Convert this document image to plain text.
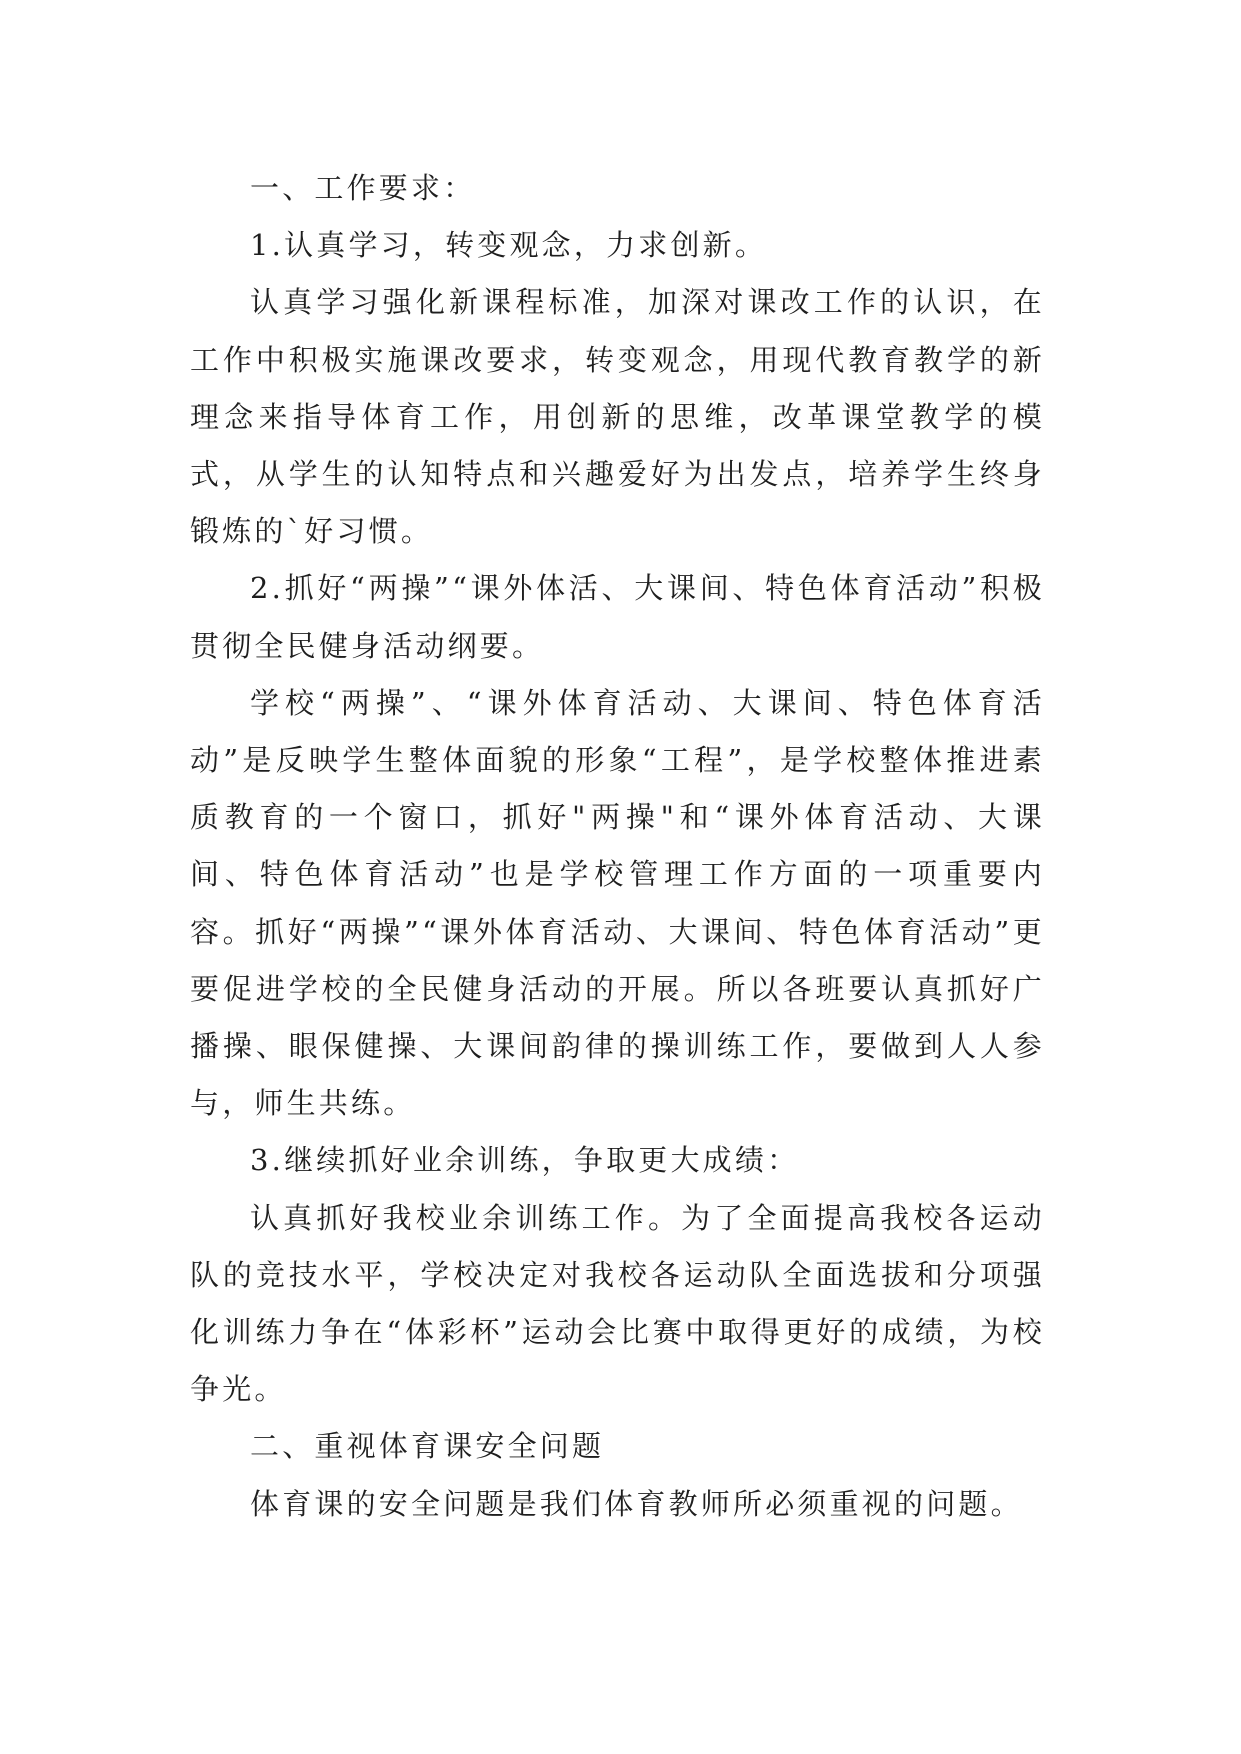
一、工作要求：

1.认真学习，转变观念，力求创新。

认真学习强化新课程标准，加深对课改工作的认识，在工作中积极实施课改要求，转变观念，用现代教育教学的新理念来指导体育工作，用创新的思维，改革课堂教学的模式，从学生的认知特点和兴趣爱好为出发点，培养学生终身锻炼的`好习惯。

2.抓好“两操”“课外体活、大课间、特色体育活动”积极贯彻全民健身活动纲要。

学校“两操”、“课外体育活动、大课间、特色体育活动”是反映学生整体面貌的形象“工程”，是学校整体推进素质教育的一个窗口，抓好"两操"和“课外体育活动、大课间、特色体育活动”也是学校管理工作方面的一项重要内容。抓好“两操”“课外体育活动、大课间、特色体育活动”更要促进学校的全民健身活动的开展。所以各班要认真抓好广播操、眼保健操、大课间韵律的操训练工作，要做到人人参与，师生共练。

3.继续抓好业余训练，争取更大成绩：

认真抓好我校业余训练工作。为了全面提高我校各运动队的竞技水平，学校决定对我校各运动队全面选拔和分项强化训练力争在“体彩杯”运动会比赛中取得更好的成绩，为校争光。

二、重视体育课安全问题

体育课的安全问题是我们体育教师所必须重视的问题。
